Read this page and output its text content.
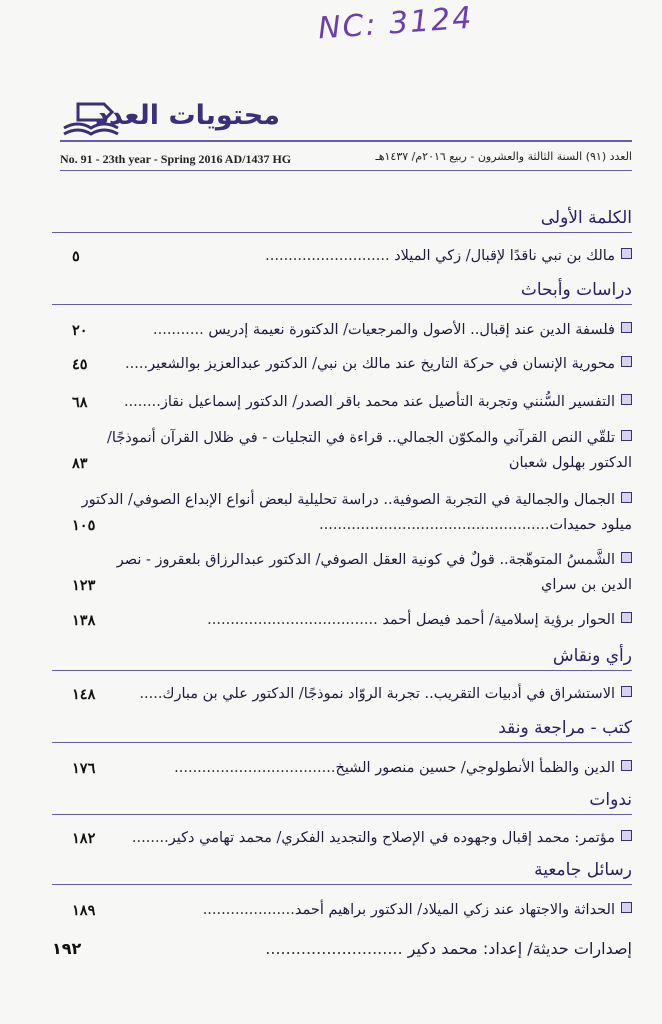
NC: 3124
محتويات العدد
No. 91 - 23th year - Spring 2016 AD/1437 HG	العدد (٩١) السنة الثالثة والعشرون - ربيع ٢٠١٦م/ ١٤٣٧هـ
الكلمة الأولى
مالك بن نبي ناقدًا لإقبال/ زكي الميلاد ...........................
٥
دراسات وأبحاث
فلسفة الدين عند إقبال.. الأصول والمرجعيات/ الدكتورة نعيمة إدريس ...........
٢٠
محورية الإنسان في حركة التاريخ عند مالك بن نبي/ الدكتور عبدالعزيز بوالشعير.....
٤٥
التفسير السُّنني وتجربة التأصيل عند محمد باقر الصدر/ الدكتور إسماعيل نقاز........
٦٨
تلقّي النص القرآني والمكوّن الجمالي.. قراءة في التجليات - في ظلال القرآن أنموذجًا/
الدكتور بهلول شعبان
٨٣
الجمال والجمالية في التجربة الصوفية.. دراسة تحليلية لبعض أنواع الإبداع الصوفي/ الدكتور
ميلود حميدات..................................................
١٠٥
الشَّمسُ المتوهّجة.. قولٌ في كونية العقل الصوفي/ الدكتور عبدالرزاق بلعقروز - نصر
الدين بن سراي
١٢٣
الحوار برؤية إسلامية/ أحمد فيصل أحمد .....................................
١٣٨
رأي ونقاش
الاستشراق في أدبيات التقريب.. تجربة الروّاد نموذجًا/ الدكتور علي بن مبارك.....
١٤٨
كتب - مراجعة ونقد
الدين والظمأ الأنطولوجي/ حسين منصور الشيخ...................................
١٧٦
ندوات
مؤتمر: محمد إقبال وجهوده في الإصلاح والتجديد الفكري/ محمد تهامي دكير........
١٨٢
رسائل جامعية
الحداثة والاجتهاد عند زكي الميلاد/ الدكتور براهيم أحمد....................
١٨٩
إصدارات حديثة/ إعداد: محمد دكير ...........................
١٩٢
